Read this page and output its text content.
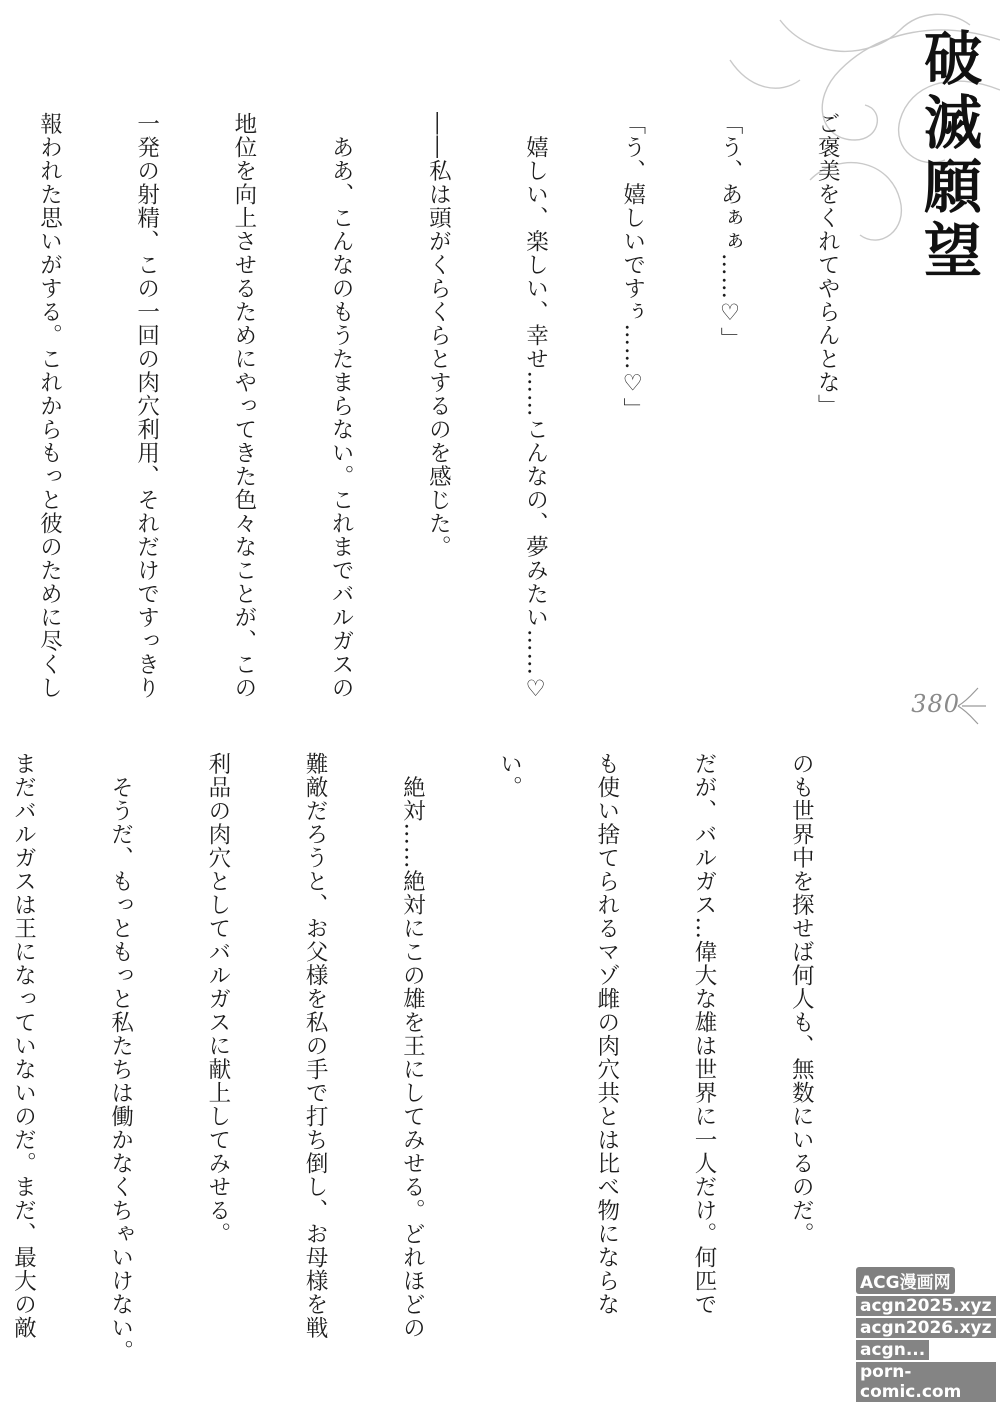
破滅願望

ご褒美をくれてやらんとな」

「う、あぁぁ……♡」

「う、嬉しいですぅ……♡」

　嬉しい、楽しい、幸せ……こんなの、夢みたい……♡

――私は頭がくらくらとするのを感じた。

　ああ、こんなのもうたまらない。これまでバルガスの

地位を向上させるためにやってきた色々なことが、この

一発の射精、この一回の肉穴利用、それだけですっきり

報われた思いがする。これからもっと彼のために尽くし

380

のも世界中を探せば何人も、無数にいるのだ。

だが、バルガス…偉大な雄は世界に一人だけ。何匹で

も使い捨てられるマゾ雌の肉穴共とは比べ物にならな

い。

　絶対……絶対にこの雄を王にしてみせる。どれほどの

難敵だろうと、お父様を私の手で打ち倒し、お母様を戦

利品の肉穴としてバルガスに献上してみせる。

　そうだ、もっともっと私たちは働かなくちゃいけない。

まだバルガスは王になっていないのだ。まだ、最大の敵

	ACG漫画网
acgn2025.xyz
acgn2026.xyz
acgn...
porn-comic.com
